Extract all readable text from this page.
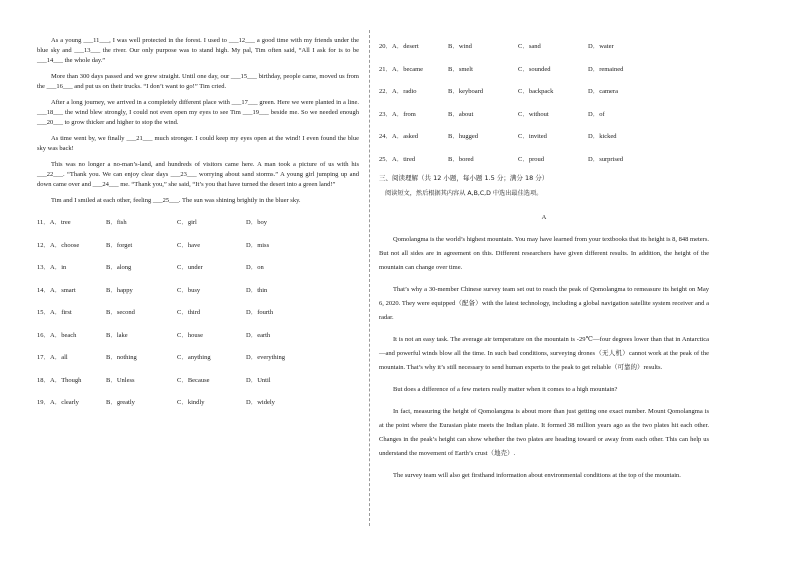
As a young ___11___, I was well protected in the forest. I used to ___12___ a good time with my friends under the blue sky and ___13___ the river. Our only purpose was to stand high. My pal, Tim often said, “All I ask for is to be ___14___ the whole day.”

More than 300 days passed and we grew straight. Until one day, our ___15___ birthday, people came, moved us from the ___16___ and put us on their trucks. “I don’t want to go!” Tim cried.

After a long journey, we arrived in a completely different place with ___17___ green. Here we were planted in a line. ___18___ the wind blew strongly, I could not even open my eyes to see Tim ___19___ beside me. So we needed enough ___20___ to grow thicker and higher to stop the wind.

As time went by, we finally ___21___ much stronger. I could keep my eyes open at the wind! I even found the blue sky was back!

This was no longer a no-man’s-land, and hundreds of visitors came here. A man took a picture of us with his ___22___. “Thank you. We can enjoy clear days ___23___ worrying about sand storms.” A young girl jumping up and down came over and ___24___ me. “Thank you,” she said, “It’s you that have turned the desert into a green land!”

Tim and I smiled at each other, feeling ___25___. The sun was shining brightly in the bluer sky.

11．A．tree	B．fish	C．girl	D．boy
12．A．choose	B．forget	C．have	D．miss
13．A．in	B．along	C．under	D．on
14．A．smart	B．happy	C．busy	D．thin
15．A．first	B．second	C．third	D．fourth
16．A．beach	B．lake	C．house	D．earth
17．A．all	B．nothing	C．anything	D．everything
18．A．Though	B．Unless	C．Because	D．Until
19．A．clearly	B．greatly	C．kindly	D．widely
20．A．desert	B．wind	C．sand	D．water
21．A．became	B．smelt	C．sounded	D．remained
22．A．radio	B．keyboard	C．backpack	D．camera
23．A．from	B．about	C．without	D．of
24．A．asked	B．hugged	C．invited	D．kicked
25．A．tired	B．bored	C．proud	D．surprised
三、阅读理解（共 12 小题，每小题 1.5 分；满分 18 分）
阅读短文，然后根据其内容从 A,B,C,D 中选出最佳选项。

A

Qomolangma is the world’s highest mountain. You may have learned from your textbooks that its height is 8, 848 meters. But not all sides are in agreement on this. Different researchers have given different results. In addition, the height of the mountain can change over time.

That’s why a 30-member Chinese survey team set out to reach the peak of Qomolangma to remeasure its height on May 6, 2020. They were equipped（配备）with the latest technology, including a global navigation satellite system receiver and a radar.

It is not an easy task. The average air temperature on the mountain is -29℃—four degrees lower than that in Antarctica—and powerful winds blow all the time. In such bad conditions, surveying drones（无人机）cannot work at the peak of the mountain. That’s why it’s still necessary to send human experts to the peak to get reliable（可靠的）results.

But does a difference of a few meters really matter when it comes to a high mountain?

In fact, measuring the height of Qomolangma is about more than just getting one exact number. Mount Qomolangma is at the point where the Eurasian plate meets the Indian plate. It formed 38 million years ago as the two plates hit each other. Changes in the peak’s height can show whether the two plates are heading toward or away from each other. This can help us understand the movement of Earth’s crust（地壳）.

The survey team will also get firsthand information about environmental conditions at the top of the mountain.
